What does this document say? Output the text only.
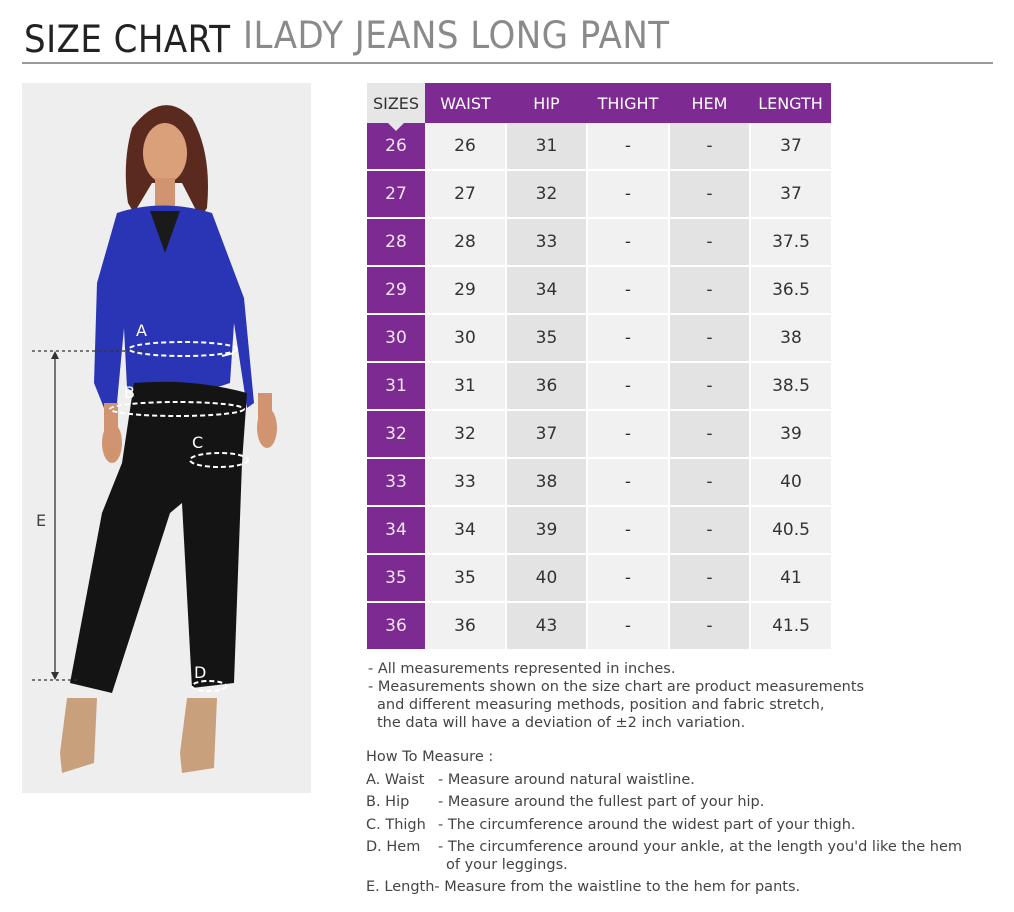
SIZE CHART ILADY JEANS LONG PANT
A
B
C
D
E
SIZES	WAIST	HIP	THIGHT	HEM	LENGTH
26	26	31	-	-	37
27	27	32	-	-	37
28	28	33	-	-	37.5
29	29	34	-	-	36.5
30	30	35	-	-	38
31	31	36	-	-	38.5
32	32	37	-	-	39
33	33	38	-	-	40
34	34	39	-	-	40.5
35	35	40	-	-	41
36	36	43	-	-	41.5
- All measurements represented in inches.
- Measurements shown on the size chart are product measurements
and different measuring methods, position and fabric stretch,
the data will have a deviation of ±2 inch variation.
How To Measure :
A. Waist - Measure around natural waistline.
B. Hip - Measure around the fullest part of your hip.
C. Thigh - The circumference around the widest part of your thigh.
D. Hem - The circumference around your ankle, at the length you'd like the hem
of your leggings.
E. Length- Measure from the waistline to the hem for pants.
